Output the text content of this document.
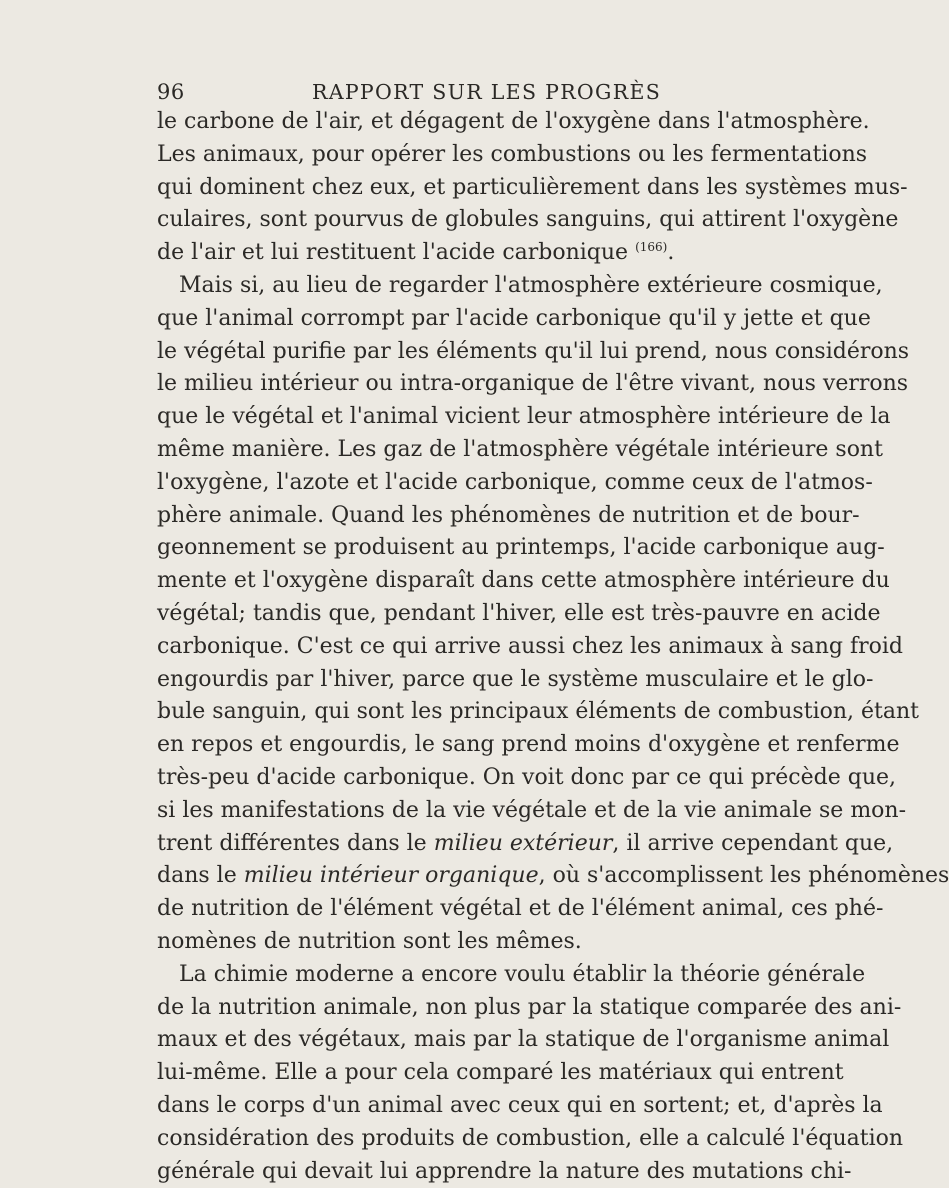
96	RAPPORT SUR LES PROGRÈS
le carbone de l'air, et dégagent de l'oxygène dans l'atmosphère.
Les animaux, pour opérer les combustions ou les fermentations
qui dominent chez eux, et particulièrement dans les systèmes mus-
culaires, sont pourvus de globules sanguins, qui attirent l'oxygène
de l'air et lui restituent l'acide carbonique $^{(166)}$.
Mais si, au lieu de regarder l'atmosphère extérieure cosmique,
que l'animal corrompt par l'acide carbonique qu'il y jette et que
le végétal purifie par les éléments qu'il lui prend, nous considérons
le milieu intérieur ou intra-organique de l'être vivant, nous verrons
que le végétal et l'animal vicient leur atmosphère intérieure de la
même manière. Les gaz de l'atmosphère végétale intérieure sont
l'oxygène, l'azote et l'acide carbonique, comme ceux de l'atmos-
phère animale. Quand les phénomènes de nutrition et de bour-
geonnement se produisent au printemps, l'acide carbonique aug-
mente et l'oxygène disparaît dans cette atmosphère intérieure du
végétal; tandis que, pendant l'hiver, elle est très-pauvre en acide
carbonique. C'est ce qui arrive aussi chez les animaux à sang froid
engourdis par l'hiver, parce que le système musculaire et le glo-
bule sanguin, qui sont les principaux éléments de combustion, étant
en repos et engourdis, le sang prend moins d'oxygène et renferme
très-peu d'acide carbonique. On voit donc par ce qui précède que,
si les manifestations de la vie végétale et de la vie animale se mon-
trent différentes dans le milieu extérieur, il arrive cependant que,
dans le milieu intérieur organique, où s'accomplissent les phénomènes
de nutrition de l'élément végétal et de l'élément animal, ces phé-
nomènes de nutrition sont les mêmes.
La chimie moderne a encore voulu établir la théorie générale
de la nutrition animale, non plus par la statique comparée des ani-
maux et des végétaux, mais par la statique de l'organisme animal
lui-même. Elle a pour cela comparé les matériaux qui entrent
dans le corps d'un animal avec ceux qui en sortent; et, d'après la
considération des produits de combustion, elle a calculé l'équation
générale qui devait lui apprendre la nature des mutations chi-
